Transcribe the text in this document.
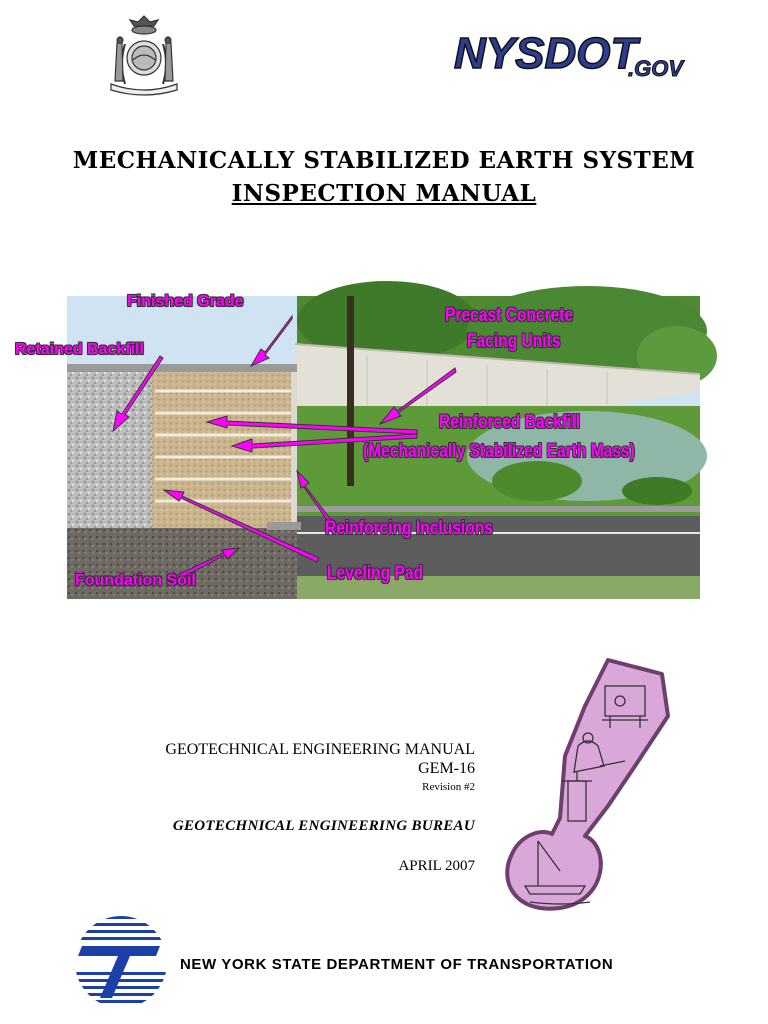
NYSDOT
.GOV
MECHANICALLY STABILIZED EARTH SYSTEM
INSPECTION MANUAL
Finished Grade
Retained Backfill
Precast Concrete
Facing Units
Reinforced Backfill
(Mechanically Stabilized Earth Mass)
Reinforcing Inclusions
Foundation Soil	Leveling Pad
GEOTECHNICAL ENGINEERING MANUAL
GEM-16
Revision #2
GEOTECHNICAL ENGINEERING BUREAU
APRIL 2007
NEW YORK STATE DEPARTMENT OF TRANSPORTATION
